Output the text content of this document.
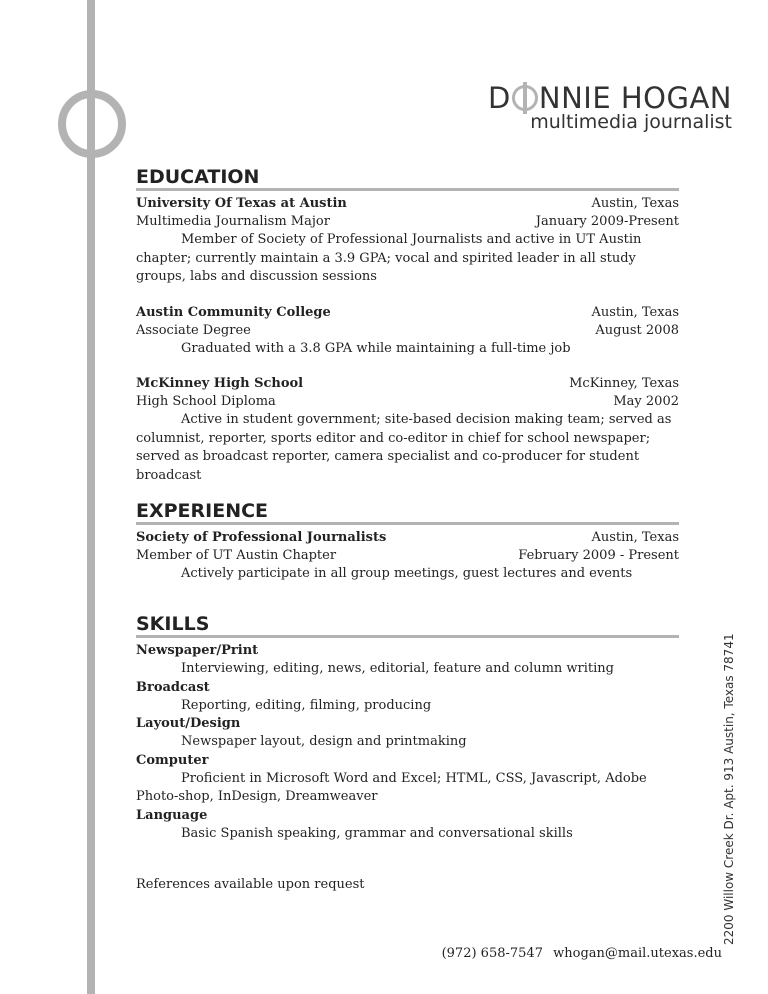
D NNIE HOGAN
multimedia journalist
EDUCATION
University Of Texas at Austin	Austin, Texas
Multimedia Journalism Major	January 2009-Present

Member of Society of Professional Journalists and active in UT Austin chapter; currently maintain a 3.9 GPA; vocal and spirited leader in all study groups, labs and discussion sessions

Austin Community College	Austin, Texas
Associate Degree	August 2008

Graduated with a 3.8 GPA while maintaining a full-time job

McKinney High School	McKinney, Texas
High School Diploma	May 2002

Active in student government; site-based decision making team; served as columnist, reporter, sports editor and co-editor in chief for school newspaper; served as broadcast reporter, camera specialist and co-producer for student broadcast

EXPERIENCE
Society of Professional Journalists	Austin, Texas
Member of UT Austin Chapter	February 2009 - Present

Actively participate in all group meetings, guest lectures and events

SKILLS
Newspaper/Print
Interviewing, editing, news, editorial, feature and column writing
Broadcast
Reporting, editing, filming, producing
Layout/Design
Newspaper layout, design and printmaking
Computer
Proficient in Microsoft Word and Excel; HTML, CSS, Javascript, Adobe Photo-shop, InDesign, Dreamweaver
Language
Basic Spanish speaking, grammar and conversational skills
References available upon request
(972) 658-7547 whogan@mail.utexas.edu
2200 Willow Creek Dr. Apt. 913 Austin, Texas 78741
